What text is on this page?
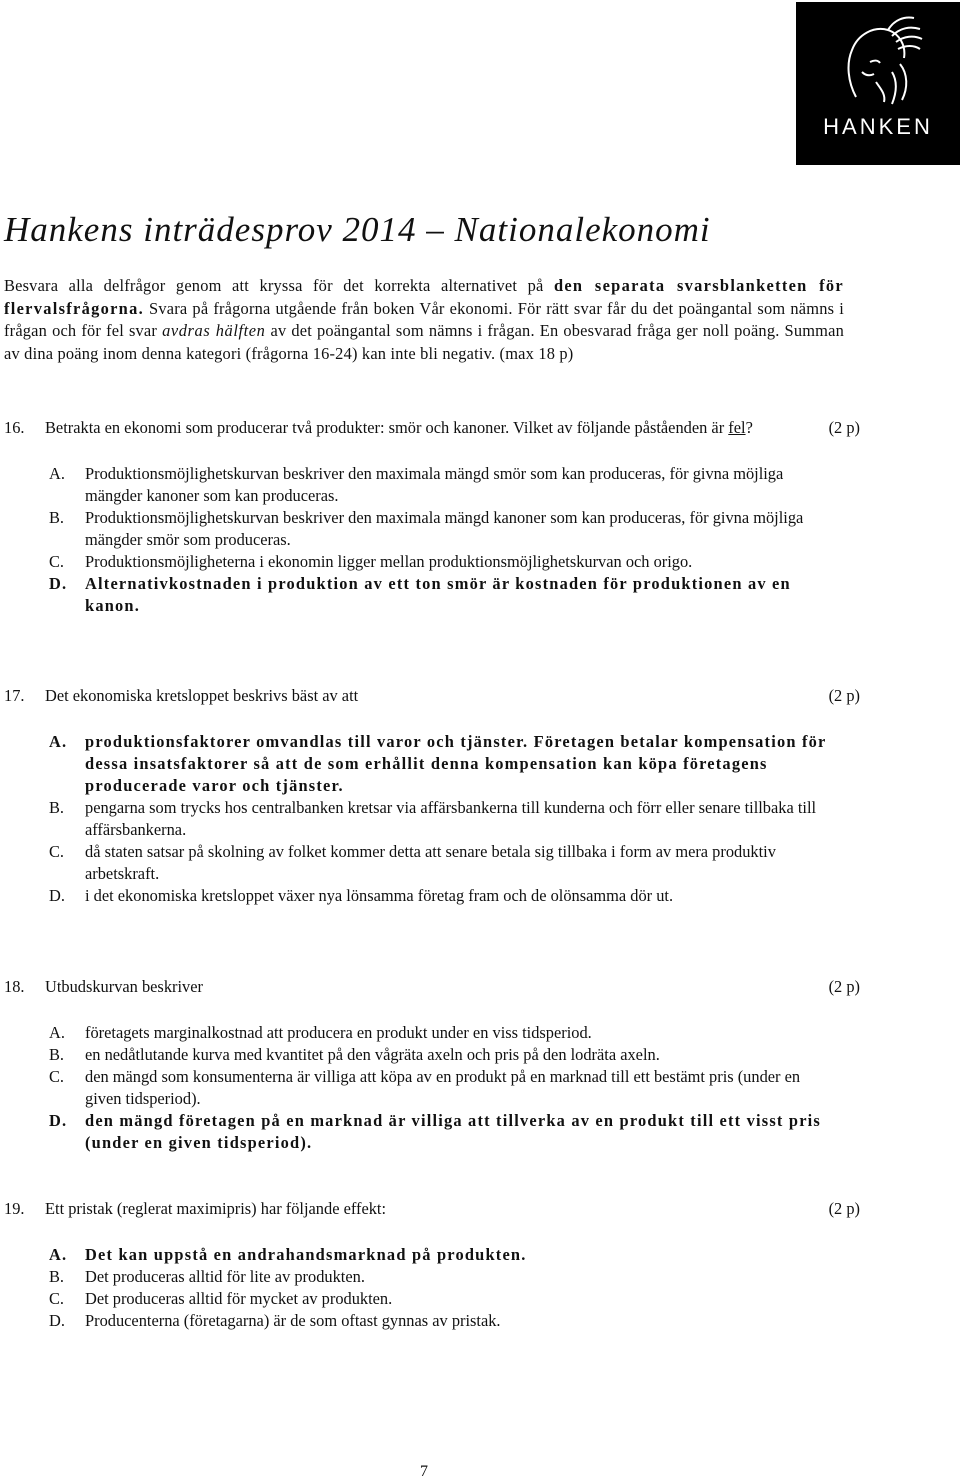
HANKEN
Hankens inträdesprov 2014 – Nationalekonomi
Besvara alla delfrågor genom att kryssa för det korrekta alternativet på den separata svarsblanketten för flervalsfrågorna. Svara på frågorna utgående från boken Vår ekonomi. För rätt svar får du det poängantal som nämns i frågan och för fel svar avdras hälften av det poängantal som nämns i frågan. En obesvarad fråga ger noll poäng. Summan av dina poäng inom denna kategori (frågorna 16-24) kan inte bli negativ. (max 18 p)
16. Betrakta en ekonomi som producerar två produkter: smör och kanoner. Vilket av följande påståenden är fel?	(2 p)
A. Produktionsmöjlighetskurvan beskriver den maximala mängd smör som kan produceras, för givna möjliga mängder kanoner som kan produceras.
B. Produktionsmöjlighetskurvan beskriver den maximala mängd kanoner som kan produceras, för givna möjliga mängder smör som produceras.
C. Produktionsmöjligheterna i ekonomin ligger mellan produktionsmöjlighetskurvan och origo.
D. Alternativkostnaden i produktion av ett ton smör är kostnaden för produktionen av en kanon.
17. Det ekonomiska kretsloppet beskrivs bäst av att	(2 p)
A. produktionsfaktorer omvandlas till varor och tjänster. Företagen betalar kompensation för dessa insatsfaktorer så att de som erhållit denna kompensation kan köpa företagens producerade varor och tjänster.
B. pengarna som trycks hos centralbanken kretsar via affärsbankerna till kunderna och förr eller senare tillbaka till affärsbankerna.
C. då staten satsar på skolning av folket kommer detta att senare betala sig tillbaka i form av mera produktiv arbetskraft.
D. i det ekonomiska kretsloppet växer nya lönsamma företag fram och de olönsamma dör ut.
18. Utbudskurvan beskriver	(2 p)
A. företagets marginalkostnad att producera en produkt under en viss tidsperiod.
B. en nedåtlutande kurva med kvantitet på den vågräta axeln och pris på den lodräta axeln.
C. den mängd som konsumenterna är villiga att köpa av en produkt på en marknad till ett bestämt pris (under en given tidsperiod).
D. den mängd företagen på en marknad är villiga att tillverka av en produkt till ett visst pris (under en given tidsperiod).
19. Ett pristak (reglerat maximipris) har följande effekt:	(2 p)
A. Det kan uppstå en andrahandsmarknad på produkten.
B. Det produceras alltid för lite av produkten.
C. Det produceras alltid för mycket av produkten.
D. Producenterna (företagarna) är de som oftast gynnas av pristak.
7
